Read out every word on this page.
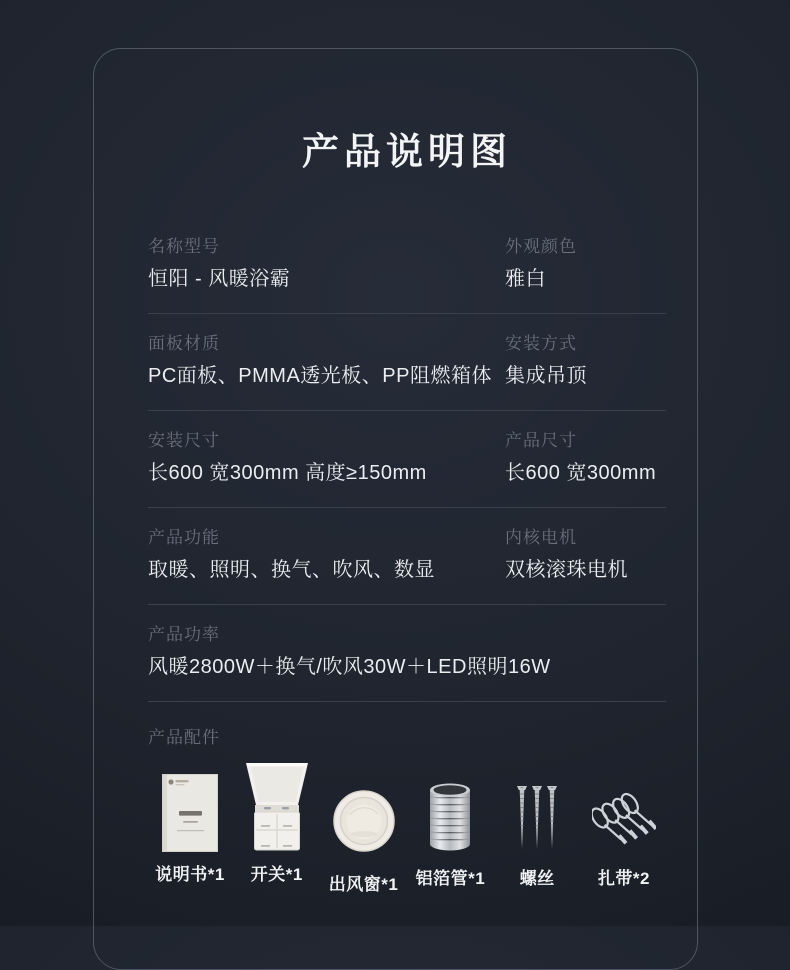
产品说明图
名称型号
恒阳 - 风暖浴霸
外观颜色
雅白
面板材质
PC面板、PMMA透光板、PP阻燃箱体
安装方式
集成吊顶
安装尺寸
长600 宽300mm 高度≥150mm
产品尺寸
长600 宽300mm
产品功能
取暖、照明、换气、吹风、数显
内核电机
双核滚珠电机
产品功率
风暖2800W＋换气/吹风30W＋LED照明16W
产品配件
说明书*1 开关*1
出风窗*1 铝箔管*1 螺丝	扎带*2
